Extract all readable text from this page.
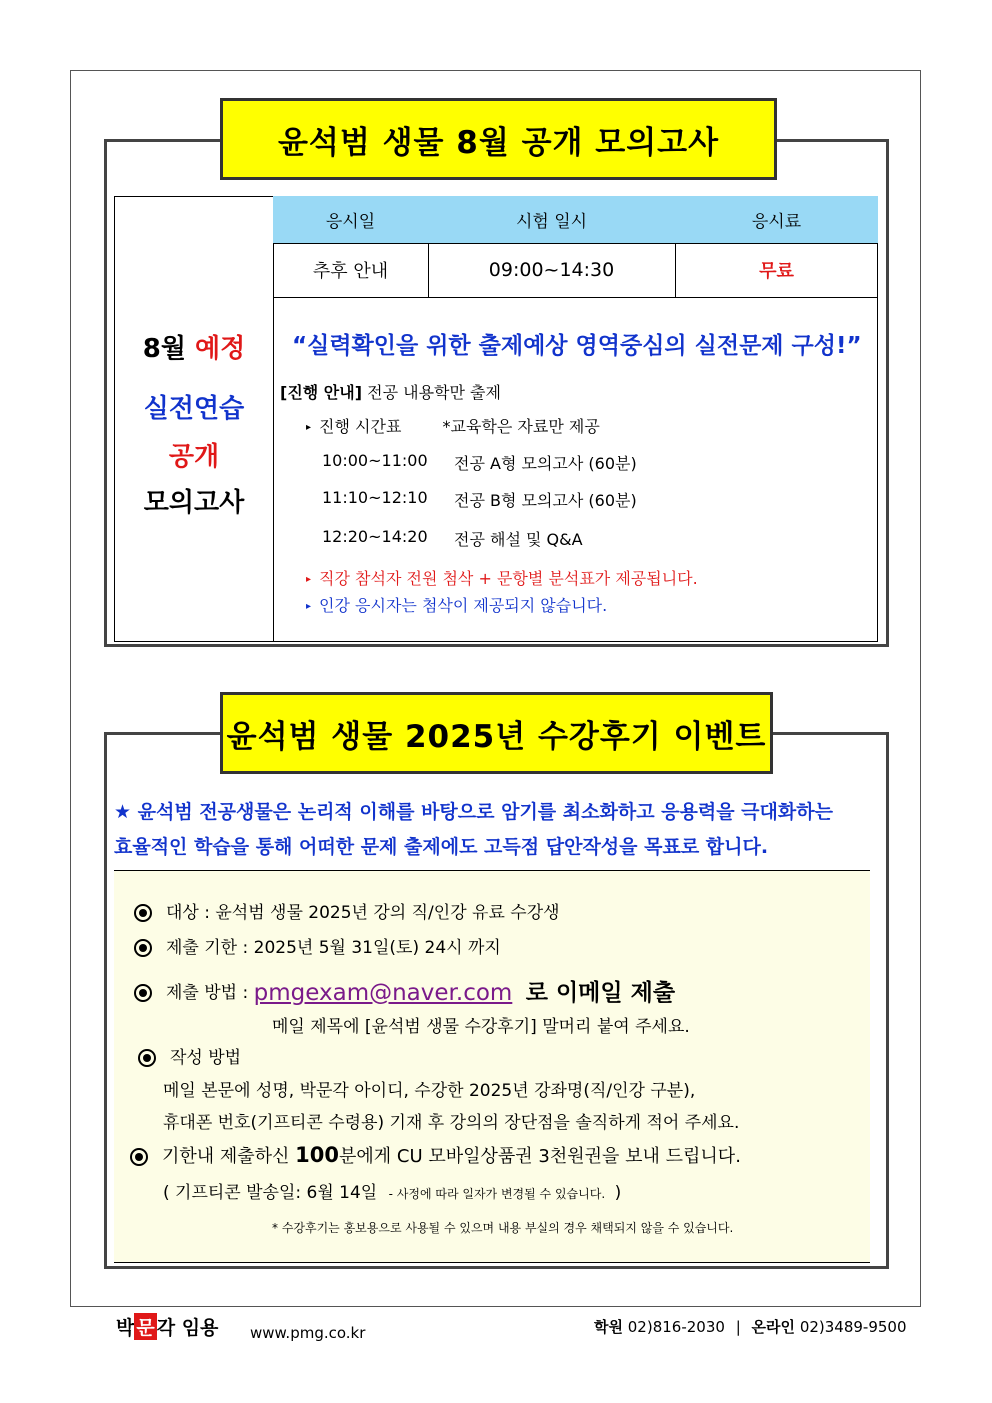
윤석범 생물 8월 공개 모의고사
8월 예정
실전연습
공개
모의고사
응시일	시험 일시	응시료
추후 안내	09:00~14:30	무료
“실력확인을 위한 출제예상 영역중심의 실전문제 구성!”
[진행 안내] 전공 내용학만 출제
▸ 진행 시간표	*교육학은 자료만 제공
10:00~11:00 전공 A형 모의고사 (60분)
11:10~12:10 전공 B형 모의고사 (60분)
12:20~14:20 전공 해설 및 Q&A
▸ 직강 참석자 전원 첨삭 + 문항별 분석표가 제공됩니다.
▸ 인강 응시자는 첨삭이 제공되지 않습니다.
윤석범 생물 2025년 수강후기 이벤트
★ 윤석범 전공생물은 논리적 이해를 바탕으로 암기를 최소화하고 응용력을 극대화하는
효율적인 학습을 통해 어떠한 문제 출제에도 고득점 답안작성을 목표로 합니다.
대상 : 윤석범 생물 2025년 강의 직/인강 유료 수강생
제출 기한 : 2025년 5월 31일(토) 24시 까지
제출 방법 : pmgexam@naver.com 로 이메일 제출
메일 제목에 [윤석범 생물 수강후기] 말머리 붙여 주세요.
작성 방법
메일 본문에 성명, 박문각 아이디, 수강한 2025년 강좌명(직/인강 구분),
휴대폰 번호(기프티콘 수령용) 기재 후 강의의 장단점을 솔직하게 적어 주세요.
기한내 제출하신 100분에게 CU 모바일상품권 3천원권을 보내 드립니다.
( 기프티콘 발송일: 6월 14일 - 사정에 따라 일자가 변경될 수 있습니다. )
* 수강후기는 홍보용으로 사용될 수 있으며 내용 부실의 경우 채택되지 않을 수 있습니다.
박 문 각 임용 www.pmg.co.kr	학원 02)816-2030 | 온라인 02)3489-9500
